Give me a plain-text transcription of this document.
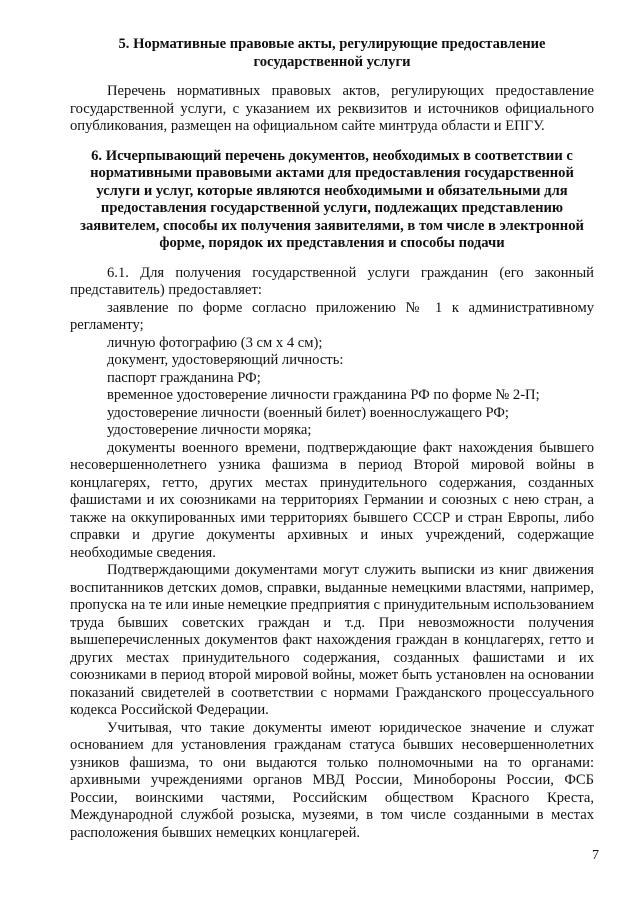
5. Нормативные правовые акты, регулирующие предоставление государственной услуги

Перечень нормативных правовых актов, регулирующих предоставление государственной услуги, с указанием их реквизитов и источников официального опубликования, размещен на официальном сайте минтруда области и ЕПГУ.

6. Исчерпывающий перечень документов, необходимых в соответствии с нормативными правовыми актами для предоставления государственной услуги и услуг, которые являются необходимыми и обязательными для предоставления государственной услуги, подлежащих представлению заявителем, способы их получения заявителями, в том числе в электронной форме, порядок их представления и способы подачи

6.1. Для получения государственной услуги гражданин (его законный представитель) предоставляет:

заявление по форме согласно приложению № 1 к административному регламенту;

личную фотографию (3 см x 4 см);

документ, удостоверяющий личность:

паспорт гражданина РФ;

временное удостоверение личности гражданина РФ по форме № 2-П;

удостоверение личности (военный билет) военнослужащего РФ;

удостоверение личности моряка;

документы военного времени, подтверждающие факт нахождения бывшего несовершеннолетнего узника фашизма в период Второй мировой войны в концлагерях, гетто, других местах принудительного содержания, созданных фашистами и их союзниками на территориях Германии и союзных с нею стран, а также на оккупированных ими территориях бывшего СССР и стран Европы, либо справки и другие документы архивных и иных учреждений, содержащие необходимые сведения.

Подтверждающими документами могут служить выписки из книг движения воспитанников детских домов, справки, выданные немецкими властями, например, пропуска на те или иные немецкие предприятия с принудительным использованием труда бывших советских граждан и т.д. При невозможности получения вышеперечисленных документов факт нахождения граждан в концлагерях, гетто и других местах принудительного содержания, созданных фашистами и их союзниками в период второй мировой войны, может быть установлен на основании показаний свидетелей в соответствии с нормами Гражданского процессуального кодекса Российской Федерации.

Учитывая, что такие документы имеют юридическое значение и служат основанием для установления гражданам статуса бывших несовершеннолетних узников фашизма, то они выдаются только полномочными на то органами: архивными учреждениями органов МВД России, Минобороны России, ФСБ России, воинскими частями, Российским обществом Красного Креста, Международной службой розыска, музеями, в том числе созданными в местах расположения бывших немецких концлагерей.

7
